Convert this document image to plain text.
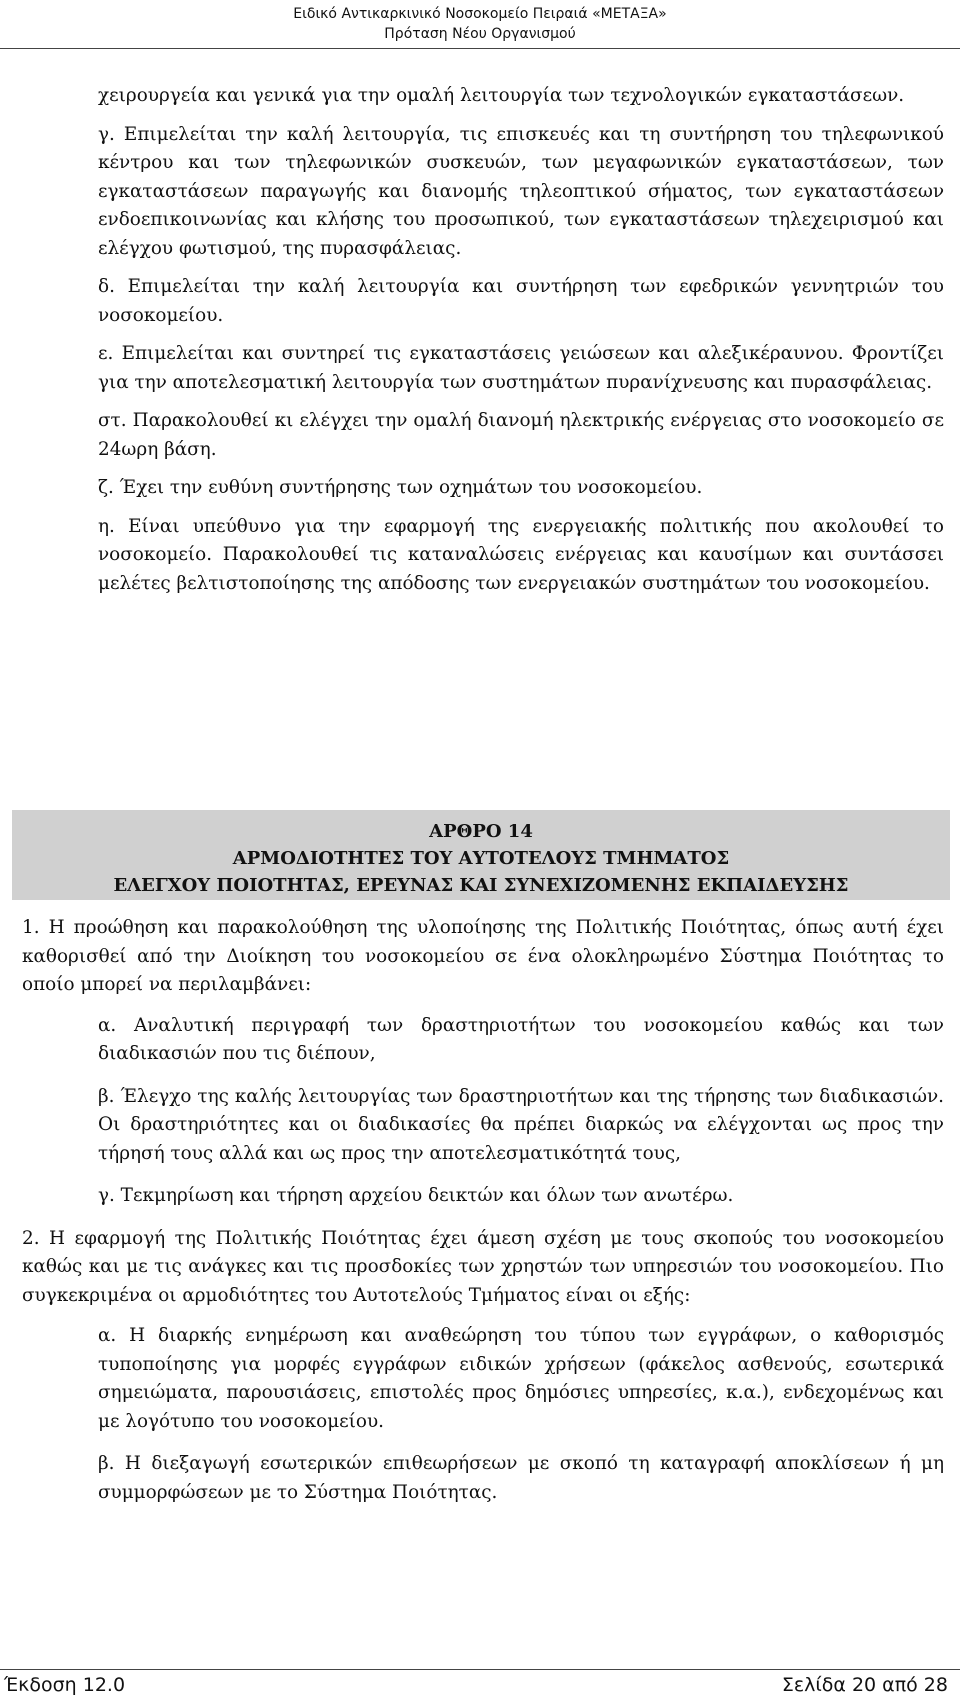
Ειδικό Αντικαρκινικό Νοσοκομείο Πειραιά «ΜΕΤΑΞΑ»
Πρόταση Νέου Οργανισμού

χειρουργεία και γενικά για την ομαλή λειτουργία των τεχνολογικών εγκαταστάσεων.

γ. Επιμελείται την καλή λειτουργία, τις επισκευές και τη συντήρηση του τηλεφωνικού κέντρου και των τηλεφωνικών συσκευών, των μεγαφωνικών εγκαταστάσεων, των εγκαταστάσεων παραγωγής και διανομής τηλεοπτικού σήματος, των εγκαταστάσεων ενδοεπικοινωνίας και κλήσης του προσωπικού, των εγκαταστάσεων τηλεχειρισμού και ελέγχου φωτισμού, της πυρασφάλειας.

δ. Επιμελείται την καλή λειτουργία και συντήρηση των εφεδρικών γεννητριών του νοσοκομείου.

ε. Επιμελείται και συντηρεί τις εγκαταστάσεις γειώσεων και αλεξικέραυνου. Φροντίζει για την αποτελεσματική λειτουργία των συστημάτων πυρανίχνευσης και πυρασφάλειας.

στ. Παρακολουθεί κι ελέγχει την ομαλή διανομή ηλεκτρικής ενέργειας στο νοσοκομείο σε 24ωρη βάση.

ζ. Έχει την ευθύνη συντήρησης των οχημάτων του νοσοκομείου.

η. Είναι υπεύθυνο για την εφαρμογή της ενεργειακής πολιτικής που ακολουθεί το νοσοκομείο. Παρακολουθεί τις καταναλώσεις ενέργειας και καυσίμων και συντάσσει μελέτες βελτιστοποίησης της απόδοσης των ενεργειακών συστημάτων του νοσοκομείου.

ΑΡΘΡΟ 14
ΑΡΜΟΔΙΟΤΗΤΕΣ ΤΟΥ ΑΥΤΟΤΕΛΟΥΣ ΤΜΗΜΑΤΟΣ
ΕΛΕΓΧΟΥ ΠΟΙΟΤΗΤΑΣ, ΕΡΕΥΝΑΣ ΚΑΙ ΣΥΝΕΧΙΖΟΜΕΝΗΣ ΕΚΠΑΙΔΕΥΣΗΣ

1. Η προώθηση και παρακολούθηση της υλοποίησης της Πολιτικής Ποιότητας, όπως αυτή έχει καθορισθεί από την Διοίκηση του νοσοκομείου σε ένα ολοκληρωμένο Σύστημα Ποιότητας το οποίο μπορεί να περιλαμβάνει:

α. Αναλυτική περιγραφή των δραστηριοτήτων του νοσοκομείου καθώς και των διαδικασιών που τις διέπουν,

β. Έλεγχο της καλής λειτουργίας των δραστηριοτήτων και της τήρησης των διαδικασιών. Οι δραστηριότητες και οι διαδικασίες θα πρέπει διαρκώς να ελέγχονται ως προς την τήρησή τους αλλά και ως προς την αποτελεσματικότητά τους,

γ. Τεκμηρίωση και τήρηση αρχείου δεικτών και όλων των ανωτέρω.

2. Η εφαρμογή της Πολιτικής Ποιότητας έχει άμεση σχέση με τους σκοπούς του νοσοκομείου καθώς και με τις ανάγκες και τις προσδοκίες των χρηστών των υπηρεσιών του νοσοκομείου. Πιο συγκεκριμένα οι αρμοδιότητες του Αυτοτελούς Τμήματος είναι οι εξής:

α. Η διαρκής ενημέρωση και αναθεώρηση του τύπου των εγγράφων, ο καθορισμός τυποποίησης για μορφές εγγράφων ειδικών χρήσεων (φάκελος ασθενούς, εσωτερικά σημειώματα, παρουσιάσεις, επιστολές προς δημόσιες υπηρεσίες, κ.α.), ενδεχομένως και με λογότυπο του νοσοκομείου.

β. Η διεξαγωγή εσωτερικών επιθεωρήσεων με σκοπό τη καταγραφή αποκλίσεων ή μη συμμορφώσεων με το Σύστημα Ποιότητας.

Έκδοση 12.0	Σελίδα 20 από 28
